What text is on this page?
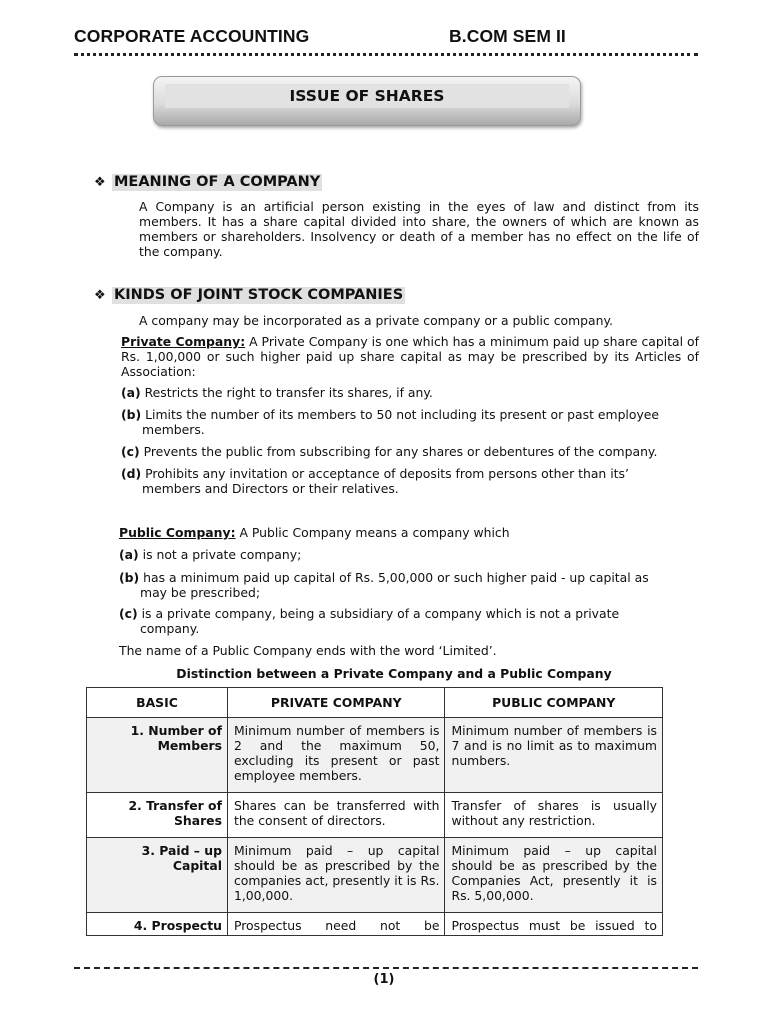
CORPORATE ACCOUNTING	B.COM SEM II
ISSUE OF SHARES
❖ MEANING OF A COMPANY
A Company is an artificial person existing in the eyes of law and distinct from its members. It has a share capital divided into share, the owners of which are known as members or shareholders. Insolvency or death of a member has no effect on the life of the company.
❖ KINDS OF JOINT STOCK COMPANIES
A company may be incorporated as a private company or a public company.
Private Company: A Private Company is one which has a minimum paid up share capital of Rs. 1,00,000 or such higher paid up share capital as may be prescribed by its Articles of Association:
(a) Restricts the right to transfer its shares, if any.
(b) Limits the number of its members to 50 not including its present or past employee
members.
(c) Prevents the public from subscribing for any shares or debentures of the company.
(d) Prohibits any invitation or acceptance of deposits from persons other than its’
members and Directors or their relatives.
Public Company: A Public Company means a company which
(a) is not a private company;
(b) has a minimum paid up capital of Rs. 5,00,000 or such higher paid - up capital as
may be prescribed;
(c) is a private company, being a subsidiary of a company which is not a private
company.
The name of a Public Company ends with the word ‘Limited’.
Distinction between a Private Company and a Public Company
BASIC	PRIVATE COMPANY	PUBLIC COMPANY
1. Number of Members	Minimum number of members is 2 and the maximum 50, excluding its present or past employee members.	Minimum number of members is 7 and is no limit as to maximum numbers.
2. Transfer of Shares	Shares can be transferred with the consent of directors.	Transfer of shares is usually without any restriction.
3. Paid – up Capital	Minimum paid – up capital should be as prescribed by the companies act, presently it is Rs. 1,00,000.	Minimum paid – up capital should be as prescribed by the Companies Act, presently it is Rs. 5,00,000.
4. Prospectu	Prospectus need not be	Prospectus must be issued to
(1)
